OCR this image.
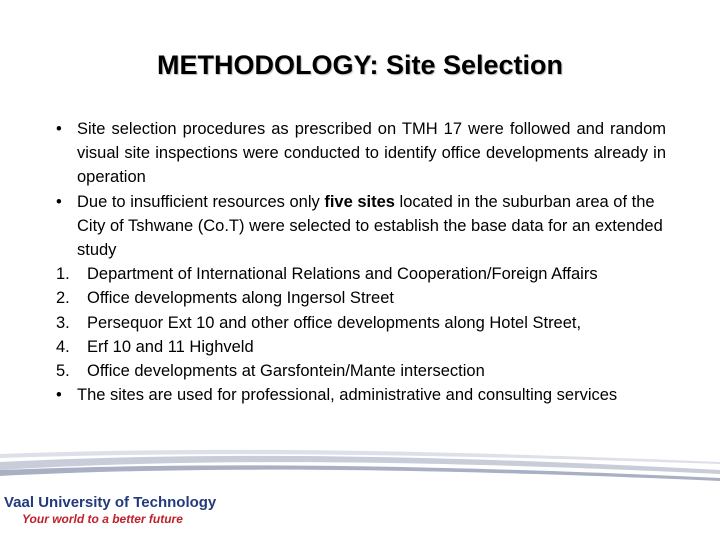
METHODOLOGY: Site Selection
• Site selection procedures as prescribed on TMH 17 were followed and random visual site inspections were conducted to identify office developments already in operation
• Due to insufficient resources only five sites located in the suburban area of the City of Tshwane (Co.T) were selected to establish the base data for an extended study
1.	Department of International Relations and Cooperation/Foreign Affairs
2.	Office developments along Ingersol Street
3.	Persequor Ext 10 and other office developments along Hotel Street,
4.	Erf 10 and 11 Highveld
5.	Office developments at Garsfontein/Mante intersection
• The sites are used for professional, administrative and consulting services
Vaal University of Technology
Your world to a better future
